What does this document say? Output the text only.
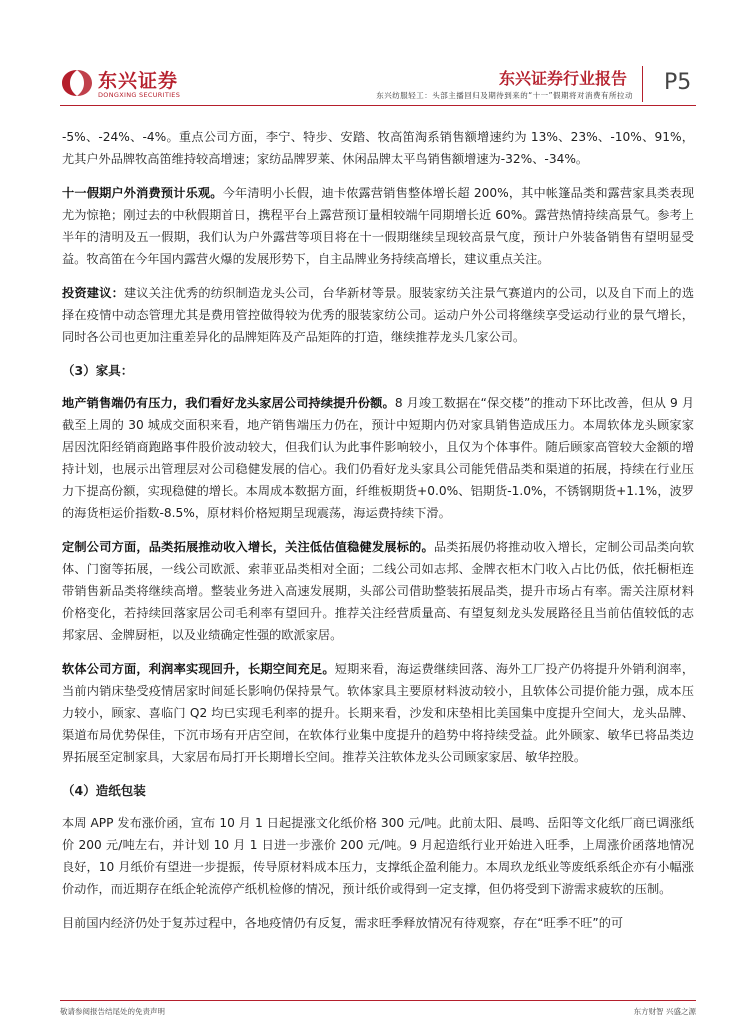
东兴证券
DONGXING SECURITIES
东兴证券行业报告
东兴纺服轻工：头部主播回归及期待到来的“十一”假期将对消费有所拉动
P5

-5%、-24%、-4%。重点公司方面，李宁、特步、安踏、牧高笛淘系销售额增速约为 13%、23%、-10%、91%，尤其户外品牌牧高笛维持较高增速；家纺品牌罗莱、休闲品牌太平鸟销售额增速为-32%、-34%。

十一假期户外消费预计乐观。今年清明小长假，迪卡侬露营销售整体增长超 200%，其中帐篷品类和露营家具类表现尤为惊艳；刚过去的中秋假期首日，携程平台上露营预订量相较端午同期增长近 60%。露营热情持续高景气。参考上半年的清明及五一假期，我们认为户外露营等项目将在十一假期继续呈现较高景气度，预计户外装备销售有望明显受益。牧高笛在今年国内露营火爆的发展形势下，自主品牌业务持续高增长，建议重点关注。

投资建议：建议关注优秀的纺织制造龙头公司，台华新材等景。服装家纺关注景气赛道内的公司，以及自下而上的选择在疫情中动态管理尤其是费用管控做得较为优秀的服装家纺公司。运动户外公司将继续享受运动行业的景气增长，同时各公司也更加注重差异化的品牌矩阵及产品矩阵的打造，继续推荐龙头几家公司。

（3）家具：

地产销售端仍有压力，我们看好龙头家居公司持续提升份额。8 月竣工数据在“保交楼”的推动下环比改善，但从 9 月截至上周的 30 城成交面积来看，地产销售端压力仍在，预计中短期内仍对家具销售造成压力。本周软体龙头顾家家居因沈阳经销商跑路事件股价波动较大，但我们认为此事件影响较小，且仅为个体事件。随后顾家高管较大金额的增持计划，也展示出管理层对公司稳健发展的信心。我们仍看好龙头家具公司能凭借品类和渠道的拓展，持续在行业压力下提高份额，实现稳健的增长。本周成本数据方面，纤维板期货+0.0%、铝期货-1.0%，不锈钢期货+1.1%，波罗的海货柜运价指数-8.5%，原材料价格短期呈现震荡，海运费持续下滑。

定制公司方面，品类拓展推动收入增长，关注低估值稳健发展标的。品类拓展仍将推动收入增长，定制公司品类向软体、门窗等拓展，一线公司欧派、索菲亚品类相对全面；二线公司如志邦、金牌衣柜木门收入占比仍低，依托橱柜连带销售新品类将继续高增。整装业务进入高速发展期，头部公司借助整装拓展品类，提升市场占有率。需关注原材料价格变化，若持续回落家居公司毛利率有望回升。推荐关注经营质量高、有望复刻龙头发展路径且当前估值较低的志邦家居、金牌厨柜，以及业绩确定性强的欧派家居。

软体公司方面，利润率实现回升，长期空间充足。短期来看，海运费继续回落、海外工厂投产仍将提升外销利润率，当前内销床垫受疫情居家时间延长影响仍保持景气。软体家具主要原材料波动较小，且软体公司提价能力强，成本压力较小，顾家、喜临门 Q2 均已实现毛利率的提升。长期来看，沙发和床垫相比美国集中度提升空间大，龙头品牌、渠道布局优势保佳，下沉市场有开店空间，在软体行业集中度提升的趋势中将持续受益。此外顾家、敏华已将品类边界拓展至定制家具，大家居布局打开长期增长空间。推荐关注软体龙头公司顾家家居、敏华控股。

（4）造纸包装

本周 APP 发布涨价函，宣布 10 月 1 日起提涨文化纸价格 300 元/吨。此前太阳、晨鸣、岳阳等文化纸厂商已调涨纸价 200 元/吨左右，并计划 10 月 1 日进一步涨价 200 元/吨。9 月起造纸行业开始进入旺季，上周涨价函落地情况良好，10 月纸价有望进一步提振，传导原材料成本压力，支撑纸企盈利能力。本周玖龙纸业等废纸系纸企亦有小幅涨价动作，而近期存在纸企轮流停产纸机检修的情况，预计纸价或得到一定支撑，但仍将受到下游需求疲软的压制。

目前国内经济仍处于复苏过程中，各地疫情仍有反复，需求旺季释放情况有待观察，存在“旺季不旺”的可

敬请参阅报告结尾处的免责声明	东方财智 兴盛之源
